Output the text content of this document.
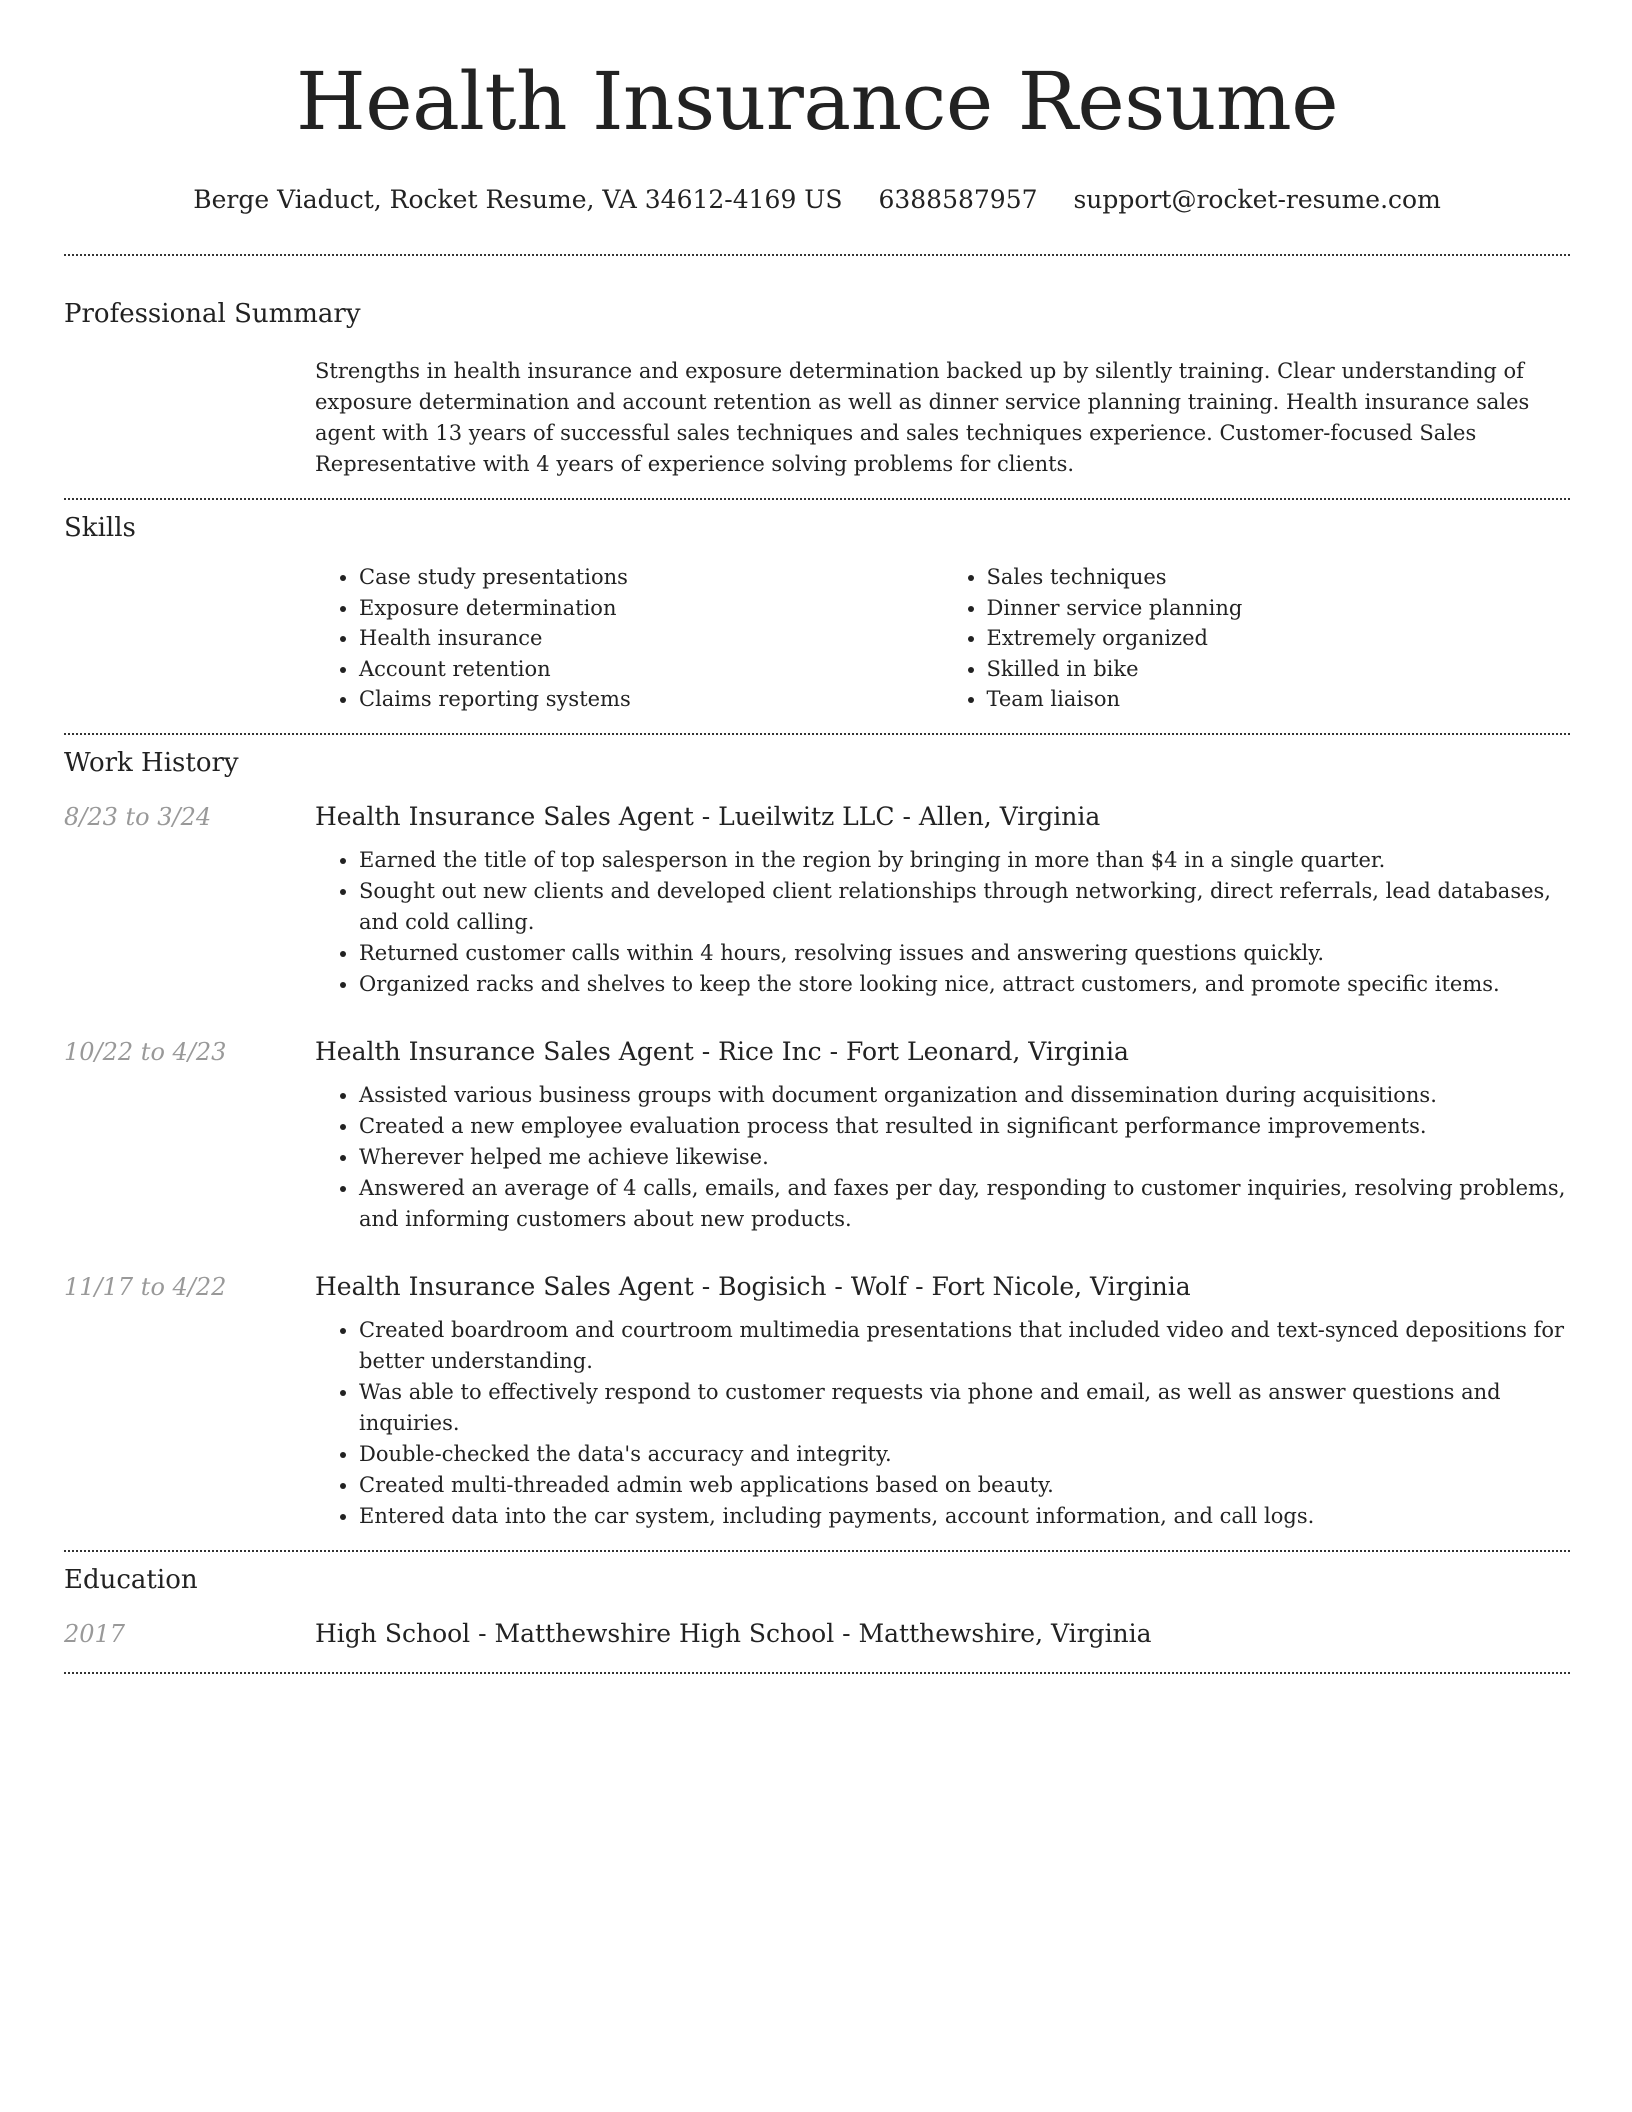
Health Insurance Resume
Berge Viaduct, Rocket Resume, VA 34612-4169 US 6388587957 support@rocket-resume.com
Professional Summary

Strengths in health insurance and exposure determination backed up by silently training. Clear understanding of exposure determination and account retention as well as dinner service planning training. Health insurance sales agent with 13 years of successful sales techniques and sales techniques experience. Customer-focused Sales Representative with 4 years of experience solving problems for clients.

Skills
• Case study presentations
• Exposure determination
• Health insurance
• Account retention
• Claims reporting systems
• Sales techniques
• Dinner service planning
• Extremely organized
• Skilled in bike
• Team liaison
Work History
8/23 to 3/24	Health Insurance Sales Agent - Lueilwitz LLC - Allen, Virginia
• Earned the title of top salesperson in the region by bringing in more than $4 in a single quarter.
• Sought out new clients and developed client relationships through networking, direct referrals, lead databases, and cold calling.
• Returned customer calls within 4 hours, resolving issues and answering questions quickly.
• Organized racks and shelves to keep the store looking nice, attract customers, and promote specific items.
10/22 to 4/23	Health Insurance Sales Agent - Rice Inc - Fort Leonard, Virginia
• Assisted various business groups with document organization and dissemination during acquisitions.
• Created a new employee evaluation process that resulted in significant performance improvements.
• Wherever helped me achieve likewise.
• Answered an average of 4 calls, emails, and faxes per day, responding to customer inquiries, resolving problems, and informing customers about new products.
11/17 to 4/22	Health Insurance Sales Agent - Bogisich - Wolf - Fort Nicole, Virginia
• Created boardroom and courtroom multimedia presentations that included video and text-synced depositions for better understanding.
• Was able to effectively respond to customer requests via phone and email, as well as answer questions and inquiries.
• Double-checked the data's accuracy and integrity.
• Created multi-threaded admin web applications based on beauty.
• Entered data into the car system, including payments, account information, and call logs.
Education
2017	High School - Matthewshire High School - Matthewshire, Virginia
